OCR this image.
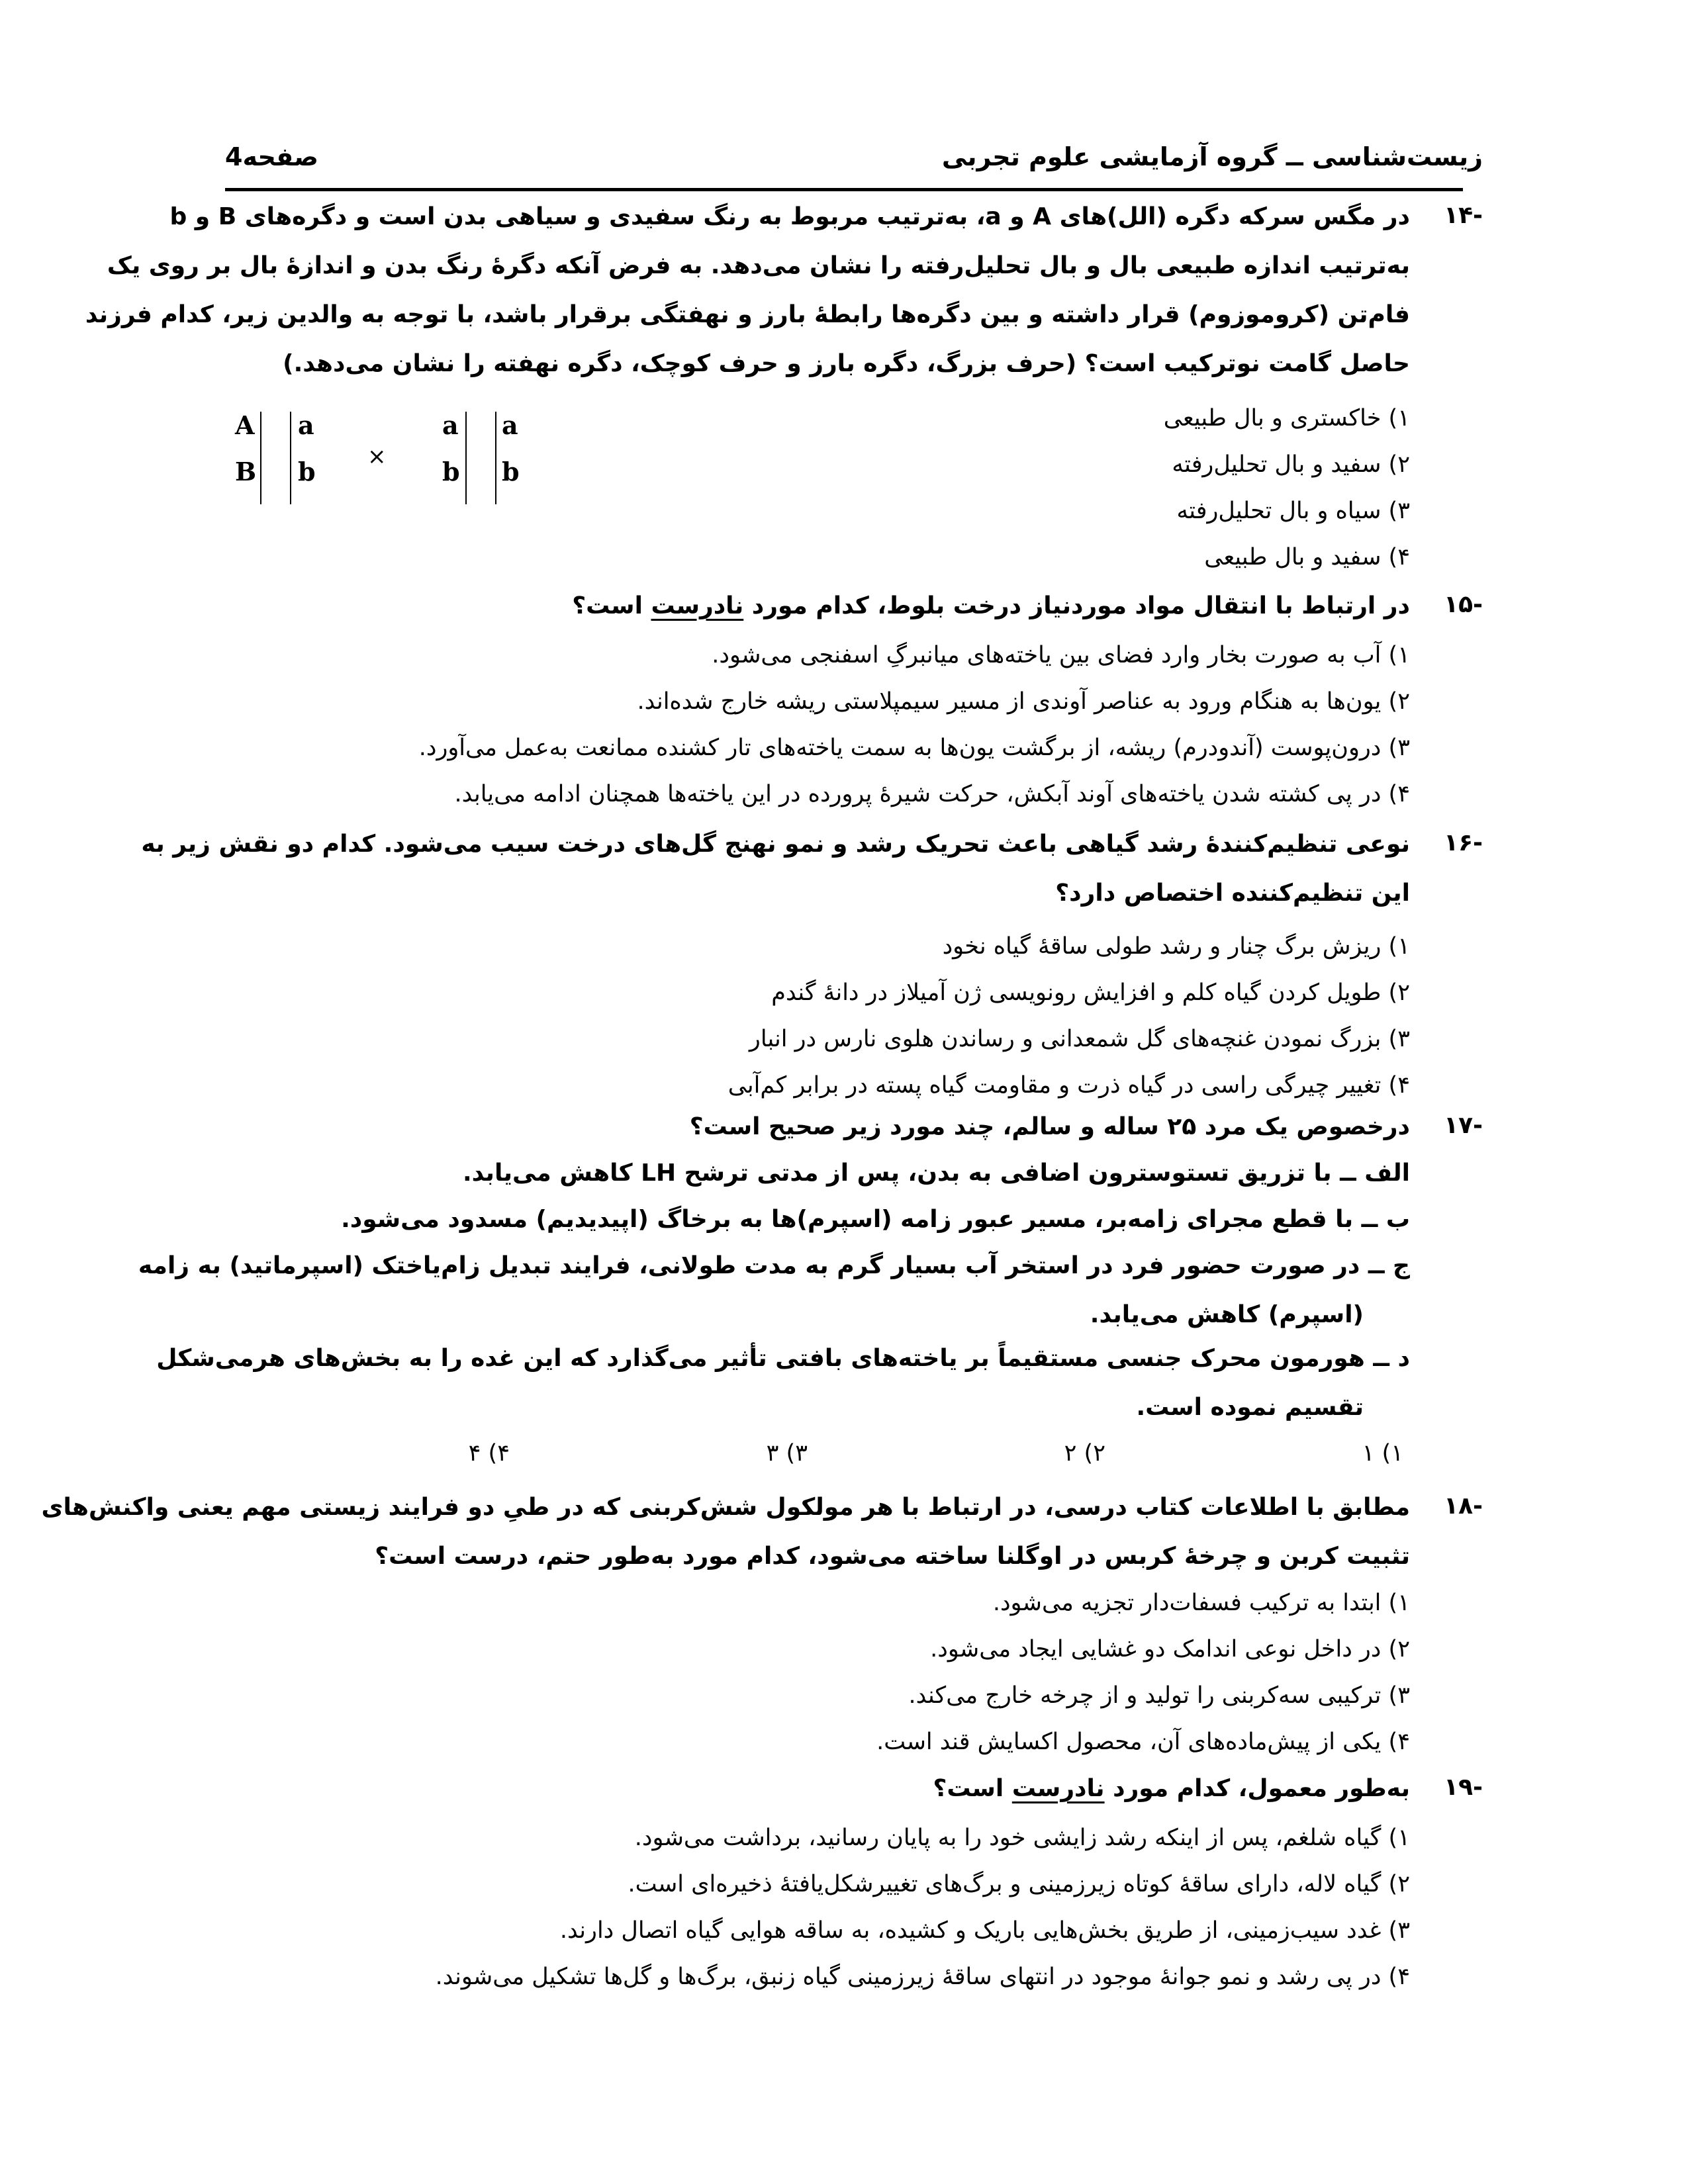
زیست‌شناسی ــ گروه آزمایشی علوم تجربی
صفحه4
-۱۴
در مگس سرکه دگره (الل)های A و a، به‌ترتیب مربوط به رنگ سفیدی و سیاهی بدن است و دگره‌های B و b
به‌ترتیب اندازه طبیعی بال و بال تحلیل‌رفته را نشان می‌دهد. به فرض آنکه دگرهٔ رنگ بدن و اندازهٔ بال بر روی یک
فام‌تن (کروموزوم) قرار داشته و بین دگره‌ها رابطهٔ بارز و نهفتگی برقرار باشد، با توجه به والدین زیر، کدام فرزند
حاصل گامت نوترکیب است؟ (حرف بزرگ، دگره بارز و حرف کوچک، دگره نهفته را نشان می‌دهد.)
۱) خاکستری و بال طبیعی
۲) سفید و بال تحلیل‌رفته
۳) سیاه و بال تحلیل‌رفته
۴) سفید و بال طبیعی
A
B
a
b ×
a
b
a
b
-۱۵
در ارتباط با انتقال مواد موردنیاز درخت بلوط، کدام مورد نادرست است؟
۱) آب به صورت بخار وارد فضای بین یاخته‌های میانبرگِ اسفنجی می‌شود.
۲) یون‌ها به هنگام ورود به عناصر آوندی از مسیر سیمپلاستی ریشه خارج شده‌اند.
۳) درون‌پوست (آندودرم) ریشه، از برگشت یون‌ها به سمت یاخته‌های تار کشنده ممانعت به‌عمل می‌آورد.
۴) در پی کشته شدن یاخته‌های آوند آبکش، حرکت شیرهٔ پرورده در این یاخته‌ها همچنان ادامه می‌یابد.
-۱۶
نوعی تنظیم‌کنندهٔ رشد گیاهی باعث تحریک رشد و نمو نهنج گل‌های درخت سیب می‌شود. کدام دو نقش زیر به
این تنظیم‌کننده اختصاص دارد؟
۱) ریزش برگ چنار و رشد طولی ساقهٔ گیاه نخود
۲) طویل کردن گیاه کلم و افزایش رونویسی ژن آمیلاز در دانهٔ گندم
۳) بزرگ نمودن غنچه‌های گل شمعدانی و رساندن هلوی نارس در انبار
۴) تغییر چیرگی راسی در گیاه ذرت و مقاومت گیاه پسته در برابر کم‌آبی
-۱۷
درخصوص یک مرد ۲۵ ساله و سالم، چند مورد زیر صحیح است؟
الف ــ با تزریق تستوسترون اضافی به بدن، پس از مدتی ترشح LH کاهش می‌یابد.
ب ــ با قطع مجرای زامه‌بر، مسیر عبور زامه (اسپرم)ها به برخاگ (اپیدیدیم) مسدود می‌شود.
ج ــ در صورت حضور فرد در استخر آب بسیار گرم به مدت طولانی، فرایند تبدیل زام‌یاختک (اسپرماتید) به زامه
(اسپرم) کاهش می‌یابد.
د ــ هورمون محرک جنسی مستقیماً بر یاخته‌های بافتی تأثیر می‌گذارد که این غده را به بخش‌های هرمی‌شکل
تقسیم نموده است.
۱) ۱
۲) ۲
۳) ۳
۴) ۴
-۱۸
مطابق با اطلاعات کتاب درسی، در ارتباط با هر مولکول شش‌کربنی که در طیِ دو فرایند زیستی مهم یعنی واکنش‌های
تثبیت کربن و چرخهٔ کربس در اوگلنا ساخته می‌شود، کدام مورد به‌طور حتم، درست است؟
۱) ابتدا به ترکیب فسفات‌دار تجزیه می‌شود.
۲) در داخل نوعی اندامک دو غشایی ایجاد می‌شود.
۳) ترکیبی سه‌کربنی را تولید و از چرخه خارج می‌کند.
۴) یکی از پیش‌ماده‌های آن، محصول اکسایش قند است.
-۱۹
به‌طور معمول، کدام مورد نادرست است؟
۱) گیاه شلغم، پس از اینکه رشد زایشی خود را به پایان رسانید، برداشت می‌شود.
۲) گیاه لاله، دارای ساقهٔ کوتاه زیرزمینی و برگ‌های تغییرشکل‌یافتهٔ ذخیره‌ای است.
۳) غدد سیب‌زمینی، از طریق بخش‌هایی باریک و کشیده، به ساقه هوایی گیاه اتصال دارند.
۴) در پی رشد و نمو جوانهٔ موجود در انتهای ساقهٔ زیرزمینی گیاه زنبق، برگ‌ها و گل‌ها تشکیل می‌شوند.
